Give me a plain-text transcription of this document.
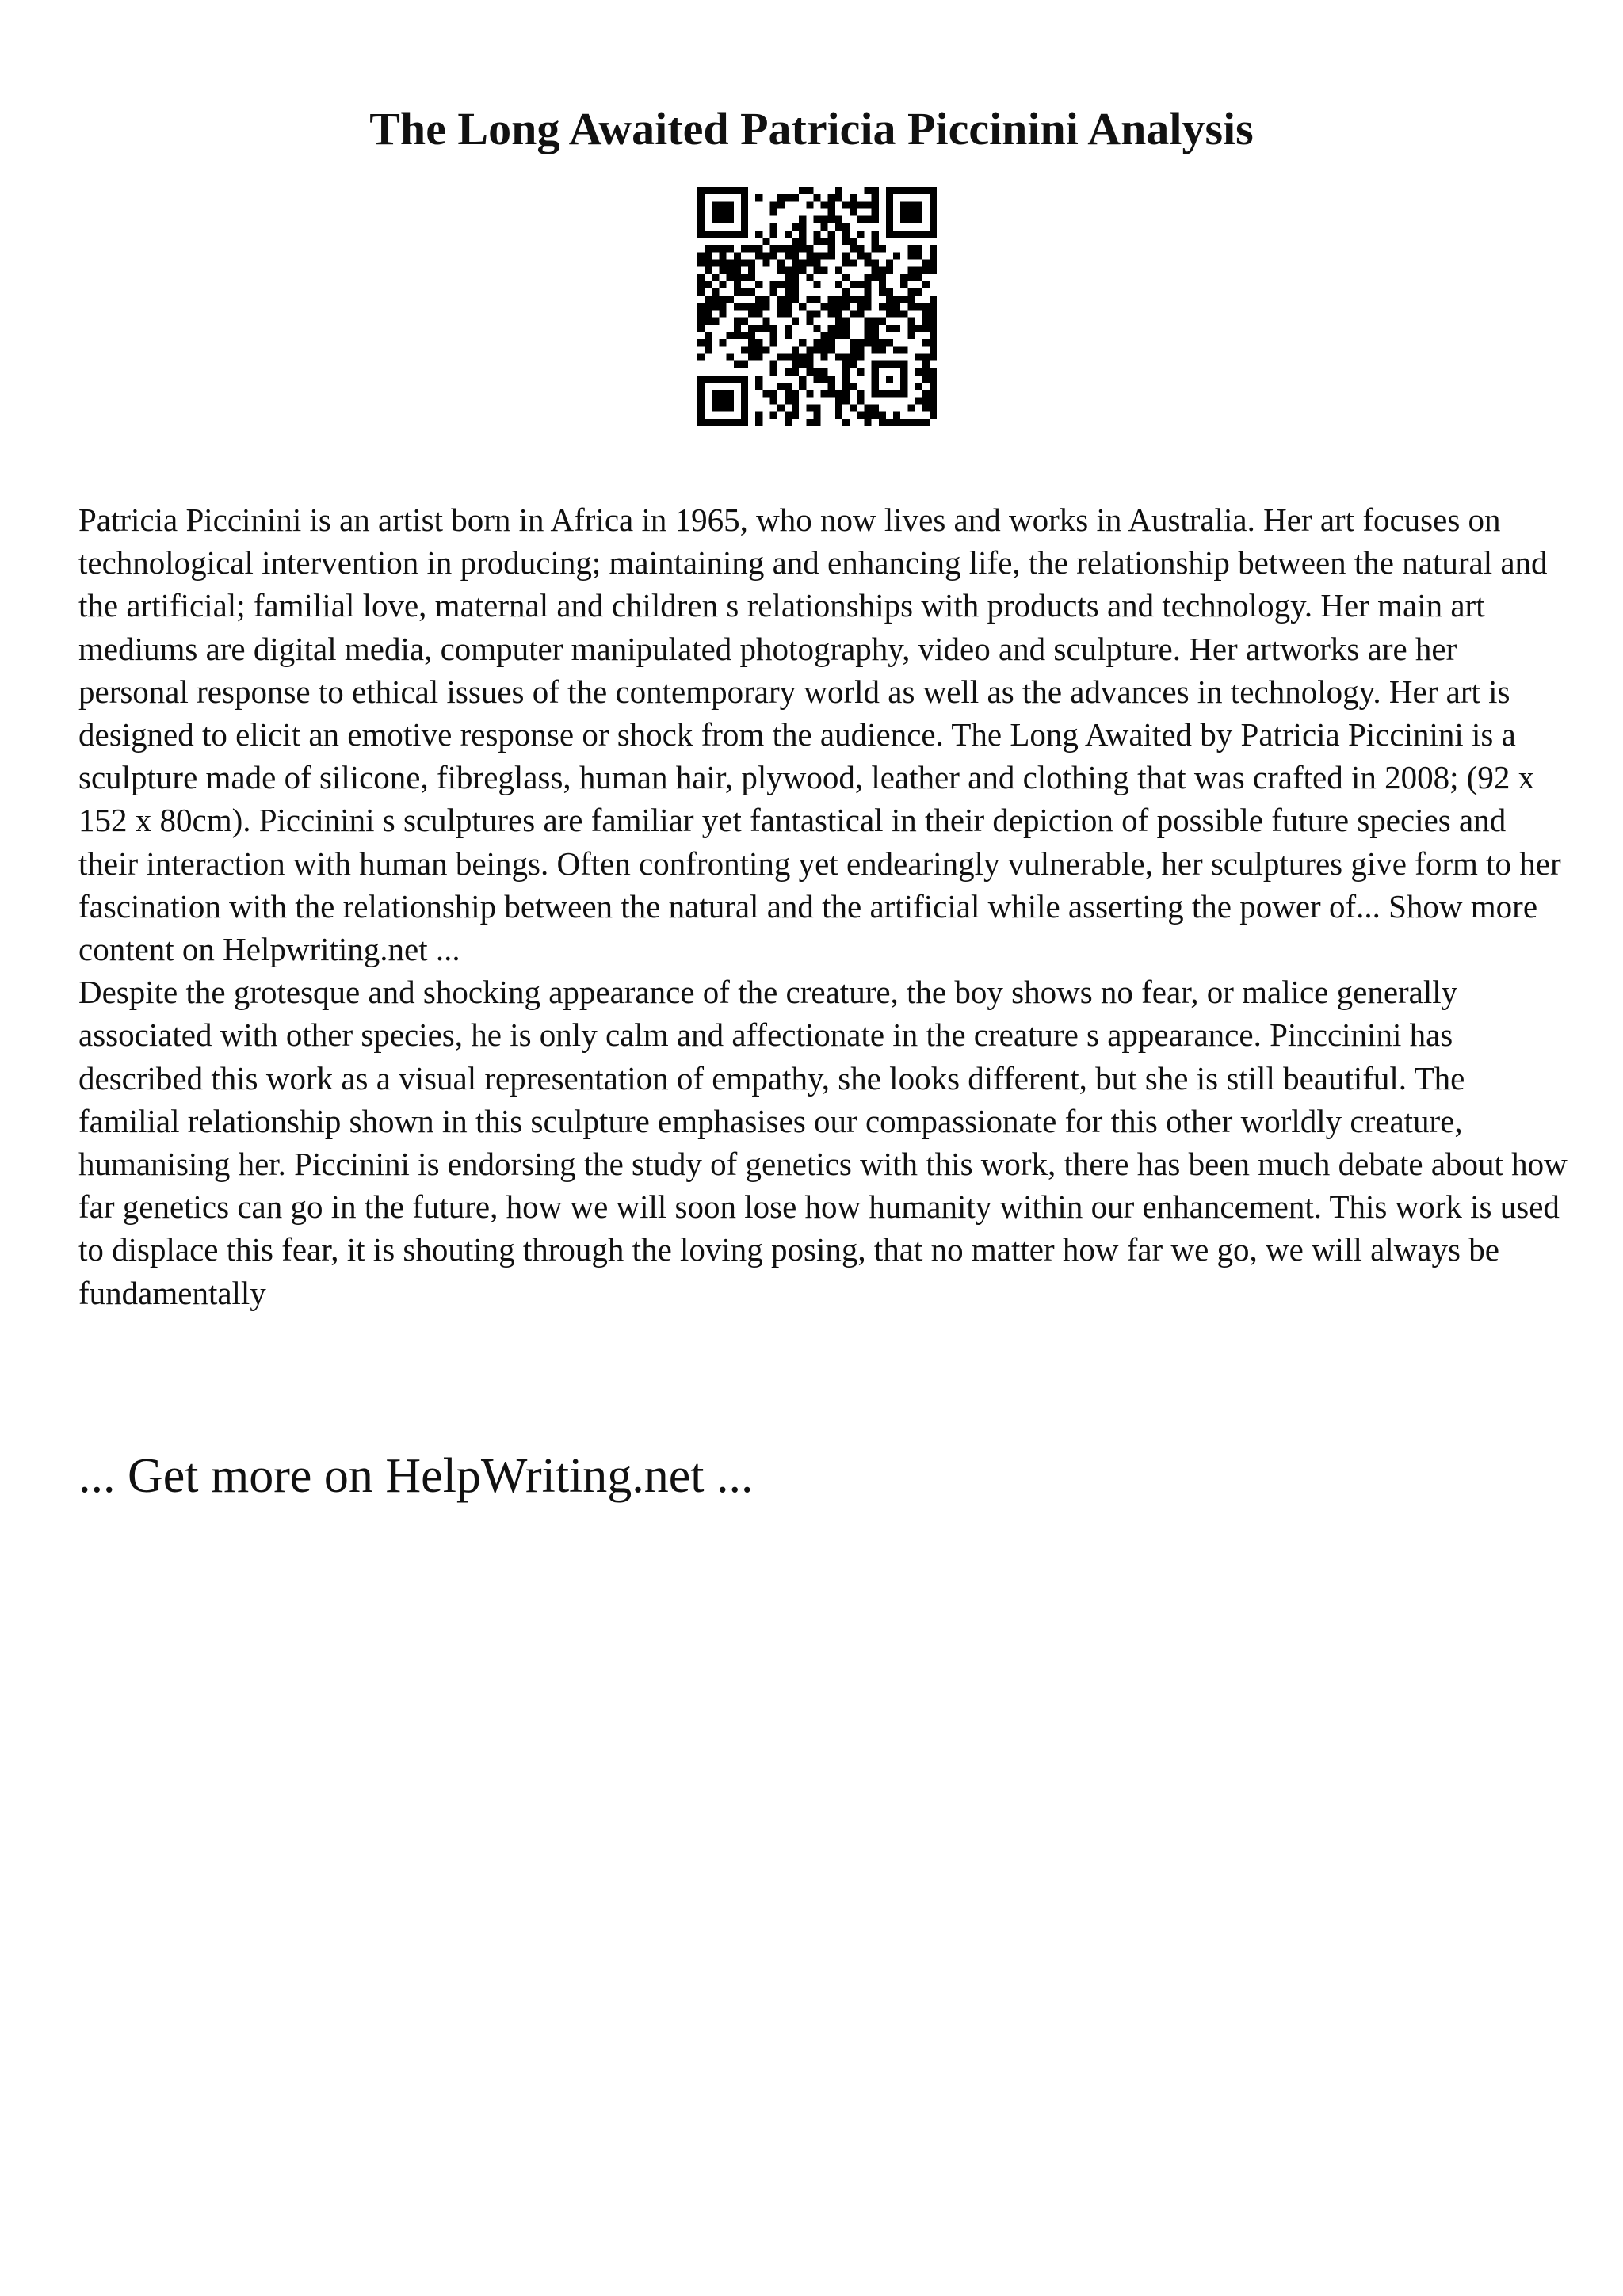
The Long Awaited Patricia Piccinini Analysis

Patricia Piccinini is an artist born in Africa in 1965, who now lives and works in Australia. Her art focuses on technological intervention in producing; maintaining and enhancing life, the relationship between the natural and the artificial; familial love, maternal and children s relationships with products and technology. Her main art mediums are digital media, computer manipulated photography, video and sculpture. Her artworks are her personal response to ethical issues of the contemporary world as well as the advances in technology. Her art is designed to elicit an emotive response or shock from the audience. The Long Awaited by Patricia Piccinini is a sculpture made of silicone, fibreglass, human hair, plywood, leather and clothing that was crafted in 2008; (92 x 152 x 80cm). Piccinini s sculptures are familiar yet fantastical in their depiction of possible future species and their interaction with human beings. Often confronting yet endearingly vulnerable, her sculptures give form to her fascination with the relationship between the natural and the artificial while asserting the power of... Show more content on Helpwriting.net ...

Despite the grotesque and shocking appearance of the creature, the boy shows no fear, or malice generally associated with other species, he is only calm and affectionate in the creature s appearance. Pinccinini has described this work as a visual representation of empathy, she looks different, but she is still beautiful. The familial relationship shown in this sculpture emphasises our compassionate for this other worldly creature, humanising her. Piccinini is endorsing the study of genetics with this work, there has been much debate about how far genetics can go in the future, how we will soon lose how humanity within our enhancement. This work is used to displace this fear, it is shouting through the loving posing, that no matter how far we go, we will always be fundamentally

... Get more on HelpWriting.net ...
